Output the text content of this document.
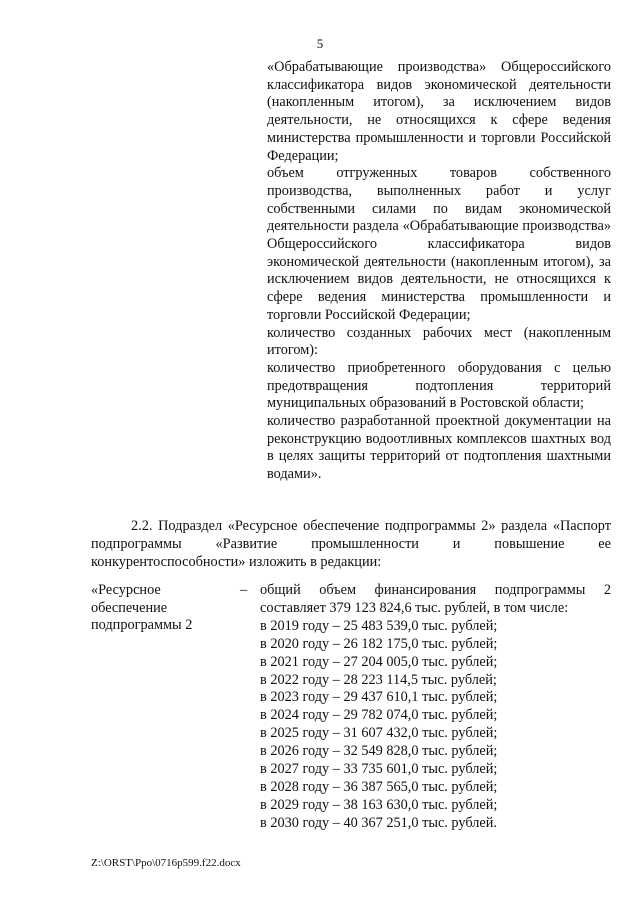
5

«Обрабатывающие производства» Общероссийского классификатора видов экономической деятельности (накопленным итогом), за исключением видов деятельности, не относящихся к сфере ведения министерства промышленности и торговли Российской Федерации;

объем отгруженных товаров собственного производства, выполненных работ и услуг собственными силами по видам экономической деятельности раздела «Обрабатывающие производства» Общероссийского классификатора видов экономической деятельности (накопленным итогом), за исключением видов деятельности, не относящихся к сфере ведения министерства промышленности и торговли Российской Федерации;

количество созданных рабочих мест (накопленным итогом):

количество приобретенного оборудования с целью предотвращения подтопления территорий муниципальных образований в Ростовской области;

количество разработанной проектной документации на реконструкцию водоотливных комплексов шахтных вод в целях защиты территорий от подтопления шахтными водами».

2.2. Подраздел «Ресурсное обеспечение подпрограммы 2» раздела «Паспорт подпрограммы «Развитие промышленности и повышение ее конкурентоспособности» изложить в редакции:

«Ресурсное обеспечение подпрограммы 2
– общий объем финансирования подпрограммы 2 составляет 379 123 824,6 тыс. рублей, в том числе:

в 2019 году – 25 483 539,0 тыс. рублей;

в 2020 году – 26 182 175,0 тыс. рублей;

в 2021 году – 27 204 005,0 тыс. рублей;

в 2022 году – 28 223 114,5 тыс. рублей;

в 2023 году – 29 437 610,1 тыс. рублей;

в 2024 году – 29 782 074,0 тыс. рублей;

в 2025 году – 31 607 432,0 тыс. рублей;

в 2026 году – 32 549 828,0 тыс. рублей;

в 2027 году – 33 735 601,0 тыс. рублей;

в 2028 году – 36 387 565,0 тыс. рублей;

в 2029 году – 38 163 630,0 тыс. рублей;

в 2030 году – 40 367 251,0 тыс. рублей.

Z:\ORST\Ppo\0716p599.f22.docx
